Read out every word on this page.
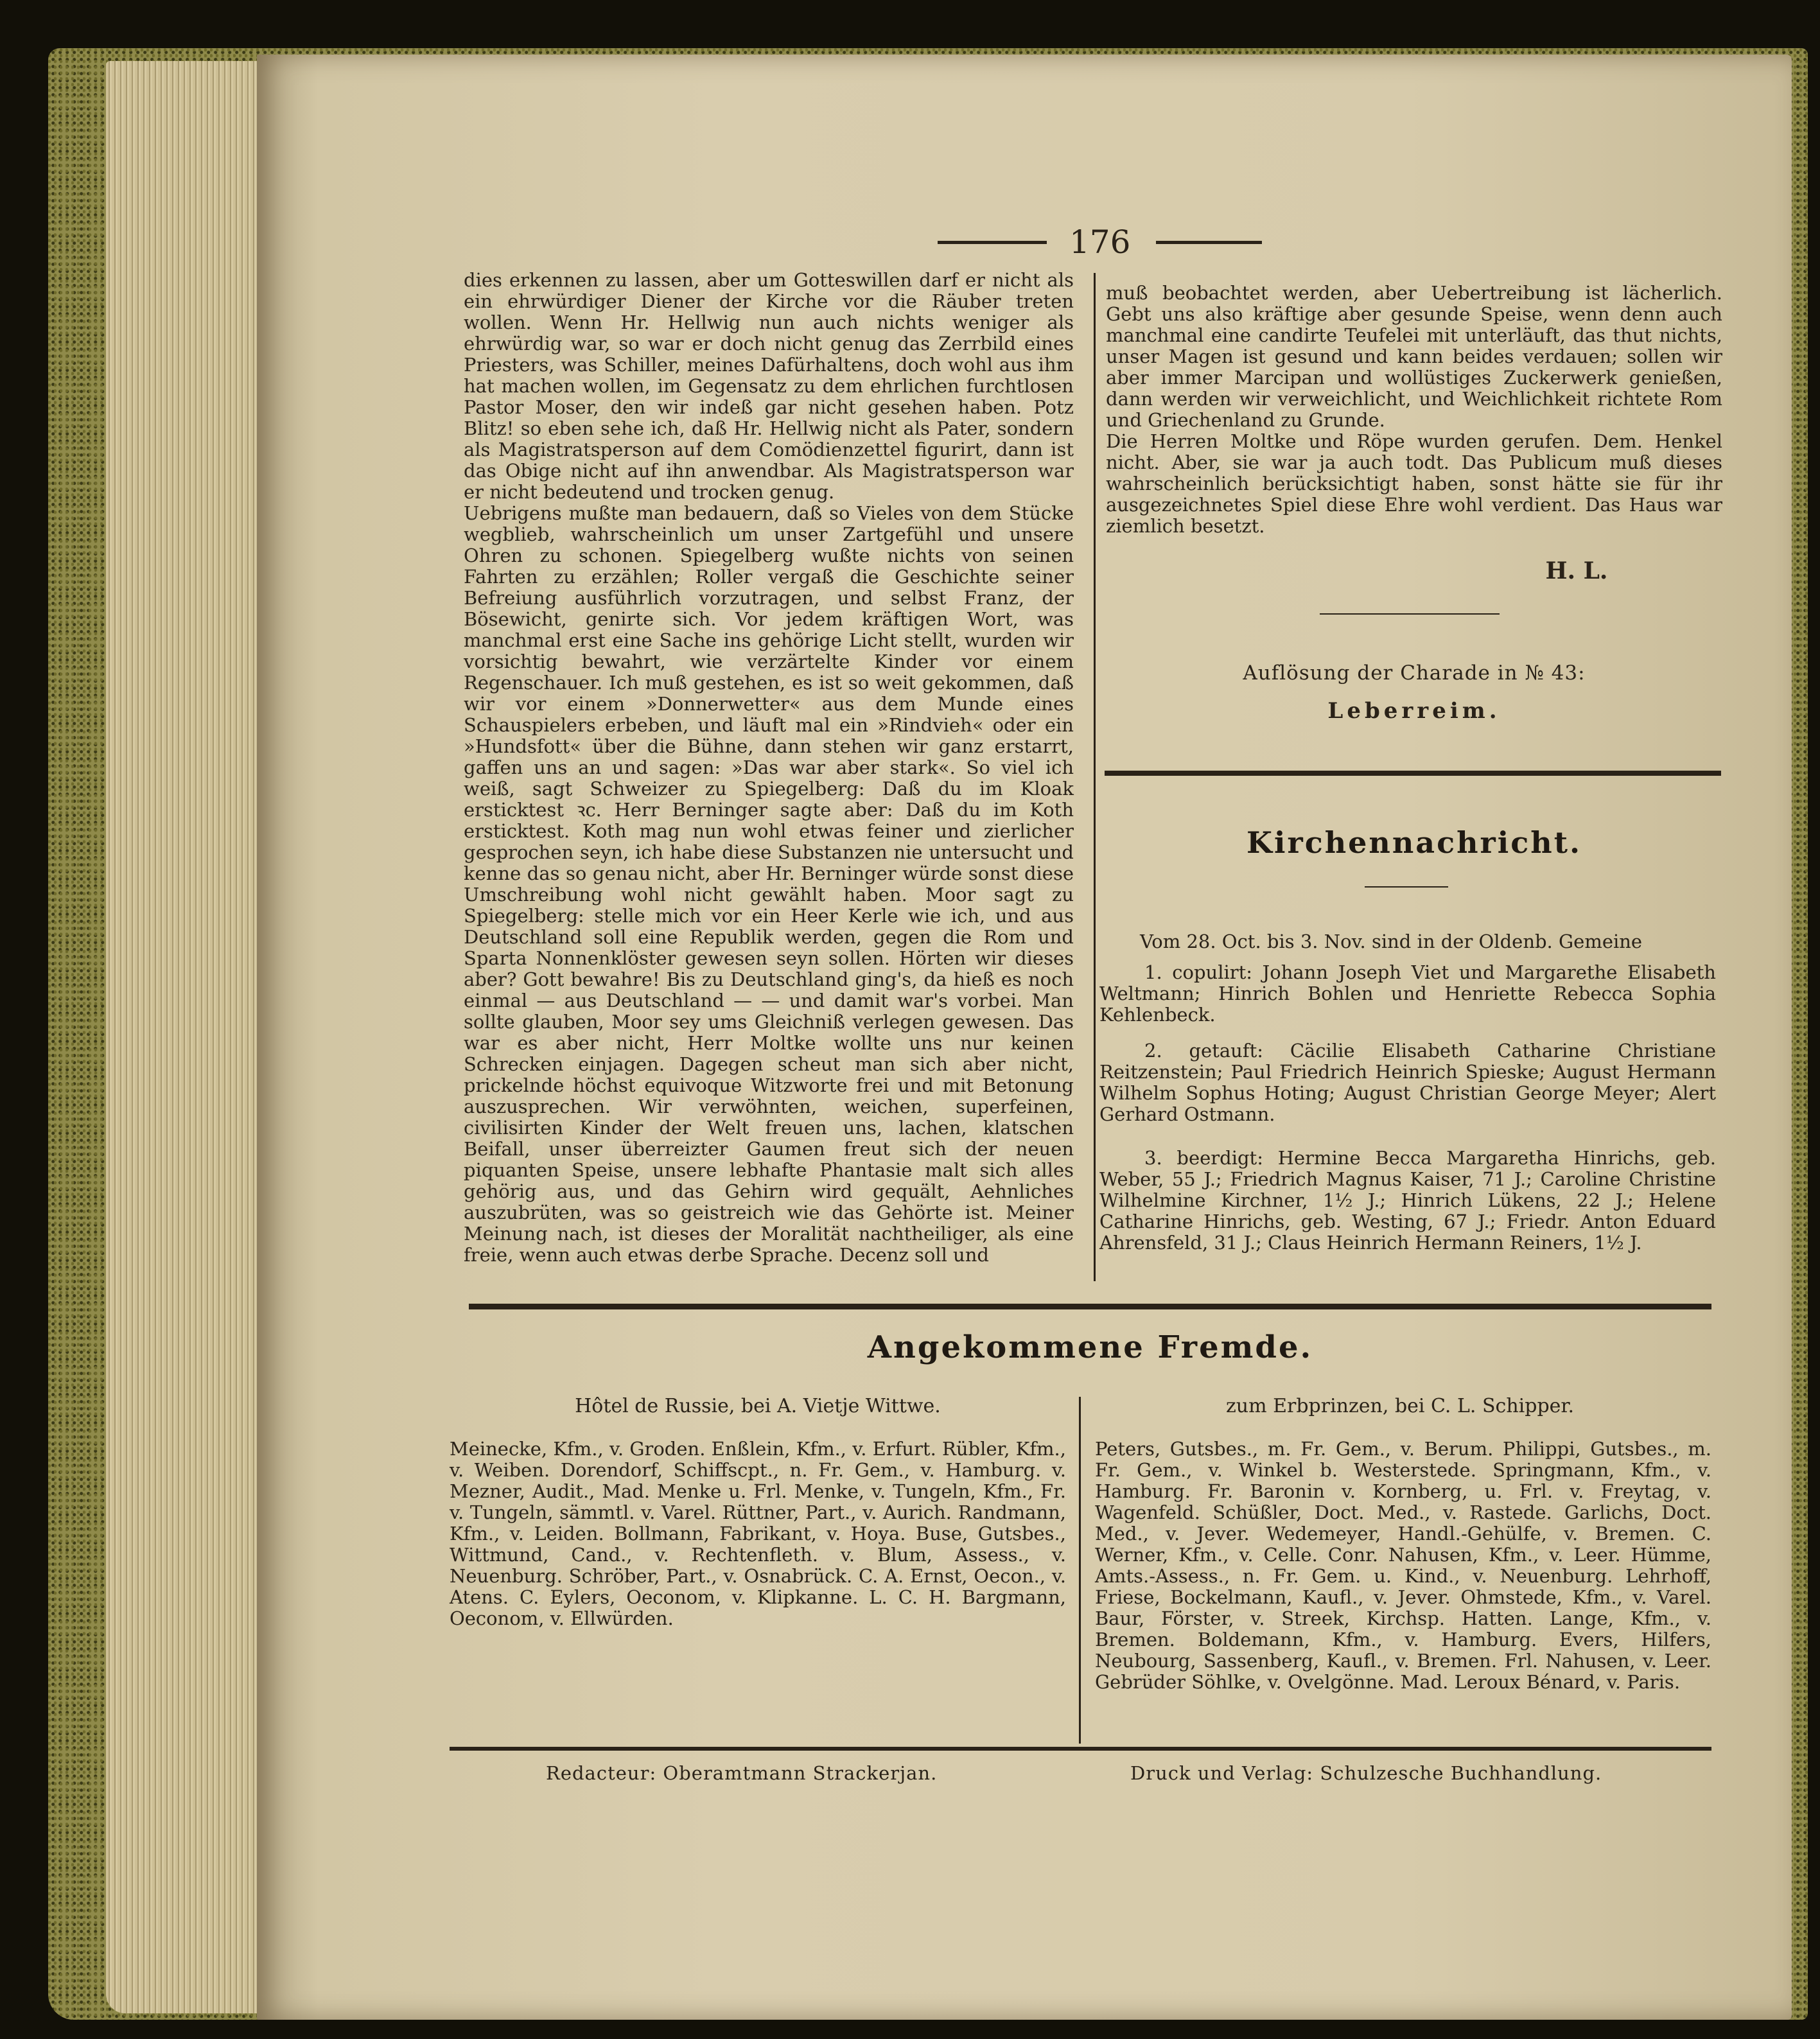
176
dies erkennen zu lassen, aber um Gotteswillen darf er nicht als ein ehrwürdiger Diener der Kirche vor die Räuber treten wollen. Wenn Hr. Hellwig nun auch nichts weniger als ehrwürdig war, so war er doch nicht genug das Zerrbild eines Priesters, was Schiller, meines Dafürhaltens, doch wohl aus ihm hat machen wollen, im Gegensatz zu dem ehrlichen furchtlosen Pastor Moser, den wir indeß gar nicht gesehen haben. Potz Blitz! so eben sehe ich, daß Hr. Hellwig nicht als Pater, sondern als Magistratsperson auf dem Comödienzettel figurirt, dann ist das Obige nicht auf ihn anwendbar. Als Magistratsperson war er nicht bedeutend und trocken genug.
Uebrigens mußte man bedauern, daß so Vieles von dem Stücke wegblieb, wahrscheinlich um unser Zartgefühl und unsere Ohren zu schonen. Spiegelberg wußte nichts von seinen Fahrten zu erzählen; Roller vergaß die Geschichte seiner Befreiung ausführlich vorzutragen, und selbst Franz, der Bösewicht, genirte sich. Vor jedem kräftigen Wort, was manchmal erst eine Sache ins gehörige Licht stellt, wurden wir vorsichtig bewahrt, wie verzärtelte Kinder vor einem Regenschauer. Ich muß gestehen, es ist so weit gekommen, daß wir vor einem »Donnerwetter« aus dem Munde eines Schauspielers erbeben, und läuft mal ein »Rindvieh« oder ein »Hundsfott« über die Bühne, dann stehen wir ganz erstarrt, gaffen uns an und sagen: »Das war aber stark«. So viel ich weiß, sagt Schweizer zu Spiegelberg: Daß du im Kloak ersticktest ꝛc. Herr Berninger sagte aber: Daß du im Koth ersticktest. Koth mag nun wohl etwas feiner und zierlicher gesprochen seyn, ich habe diese Substanzen nie untersucht und kenne das so genau nicht, aber Hr. Berninger würde sonst diese Umschreibung wohl nicht gewählt haben. Moor sagt zu Spiegelberg: stelle mich vor ein Heer Kerle wie ich, und aus Deutschland soll eine Republik werden, gegen die Rom und Sparta Nonnenklöster gewesen seyn sollen. Hörten wir dieses aber? Gott bewahre! Bis zu Deutschland ging's, da hieß es noch einmal — aus Deutschland — — und damit war's vorbei. Man sollte glauben, Moor sey ums Gleichniß verlegen gewesen. Das war es aber nicht, Herr Moltke wollte uns nur keinen Schrecken einjagen. Dagegen scheut man sich aber nicht, prickelnde höchst equivoque Witzworte frei und mit Betonung auszusprechen. Wir verwöhnten, weichen, superfeinen, civilisirten Kinder der Welt freuen uns, lachen, klatschen Beifall, unser überreizter Gaumen freut sich der neuen piquanten Speise, unsere lebhafte Phantasie malt sich alles gehörig aus, und das Gehirn wird gequält, Aehnliches auszubrüten, was so geistreich wie das Gehörte ist. Meiner Meinung nach, ist dieses der Moralität nachtheiliger, als eine freie, wenn auch etwas derbe Sprache. Decenz soll und
muß beobachtet werden, aber Uebertreibung ist lächerlich. Gebt uns also kräftige aber gesunde Speise, wenn denn auch manchmal eine candirte Teufelei mit unterläuft, das thut nichts, unser Magen ist gesund und kann beides verdauen; sollen wir aber immer Marcipan und wollüstiges Zuckerwerk genießen, dann werden wir verweichlicht, und Weichlichkeit richtete Rom und Griechenland zu Grunde.
Die Herren Moltke und Röpe wurden gerufen. Dem. Henkel nicht. Aber, sie war ja auch todt. Das Publicum muß dieses wahrscheinlich berücksichtigt haben, sonst hätte sie für ihr ausgezeichnetes Spiel diese Ehre wohl verdient. Das Haus war ziemlich besetzt.
H. L.
Auflösung der Charade in № 43:
Leberreim.
Kirchennachricht.
Vom 28. Oct. bis 3. Nov. sind in der Oldenb. Gemeine
1. copulirt: Johann Joseph Viet und Margarethe Elisabeth Weltmann; Hinrich Bohlen und Henriette Rebecca Sophia Kehlenbeck.
2. getauft: Cäcilie Elisabeth Catharine Christiane Reitzenstein; Paul Friedrich Heinrich Spieske; August Hermann Wilhelm Sophus Hoting; August Christian George Meyer; Alert Gerhard Ostmann.
3. beerdigt: Hermine Becca Margaretha Hinrichs, geb. Weber, 55 J.; Friedrich Magnus Kaiser, 71 J.; Caroline Christine Wilhelmine Kirchner, 1½ J.; Hinrich Lükens, 22 J.; Helene Catharine Hinrichs, geb. Westing, 67 J.; Friedr. Anton Eduard Ahrensfeld, 31 J.; Claus Heinrich Hermann Reiners, 1½ J.
Angekommene Fremde.
Hôtel de Russie, bei A. Vietje Wittwe.
Meinecke, Kfm., v. Groden. Enßlein, Kfm., v. Erfurt. Rübler, Kfm., v. Weiben. Dorendorf, Schiffscpt., n. Fr. Gem., v. Hamburg. v. Mezner, Audit., Mad. Menke u. Frl. Menke, v. Tungeln, Kfm., Fr. v. Tungeln, sämmtl. v. Varel. Rüttner, Part., v. Aurich. Randmann, Kfm., v. Leiden. Bollmann, Fabrikant, v. Hoya. Buse, Gutsbes., Wittmund, Cand., v. Rechtenfleth. v. Blum, Assess., v. Neuenburg. Schröber, Part., v. Osnabrück. C. A. Ernst, Oecon., v. Atens. C. Eylers, Oeconom, v. Klipkanne. L. C. H. Bargmann, Oeconom, v. Ellwürden.
zum Erbprinzen, bei C. L. Schipper.
Peters, Gutsbes., m. Fr. Gem., v. Berum. Philippi, Gutsbes., m. Fr. Gem., v. Winkel b. Westerstede. Springmann, Kfm., v. Hamburg. Fr. Baronin v. Kornberg, u. Frl. v. Freytag, v. Wagenfeld. Schüßler, Doct. Med., v. Rastede. Garlichs, Doct. Med., v. Jever. Wedemeyer, Handl.-Gehülfe, v. Bremen. C. Werner, Kfm., v. Celle. Conr. Nahusen, Kfm., v. Leer. Hümme, Amts.-Assess., n. Fr. Gem. u. Kind., v. Neuenburg. Lehrhoff, Friese, Bockelmann, Kaufl., v. Jever. Ohmstede, Kfm., v. Varel. Baur, Förster, v. Streek, Kirchsp. Hatten. Lange, Kfm., v. Bremen. Boldemann, Kfm., v. Hamburg. Evers, Hilfers, Neubourg, Sassenberg, Kaufl., v. Bremen. Frl. Nahusen, v. Leer. Gebrüder Söhlke, v. Ovelgönne. Mad. Leroux Bénard, v. Paris.
Redacteur: Oberamtmann Strackerjan.	Druck und Verlag: Schulzesche Buchhandlung.
